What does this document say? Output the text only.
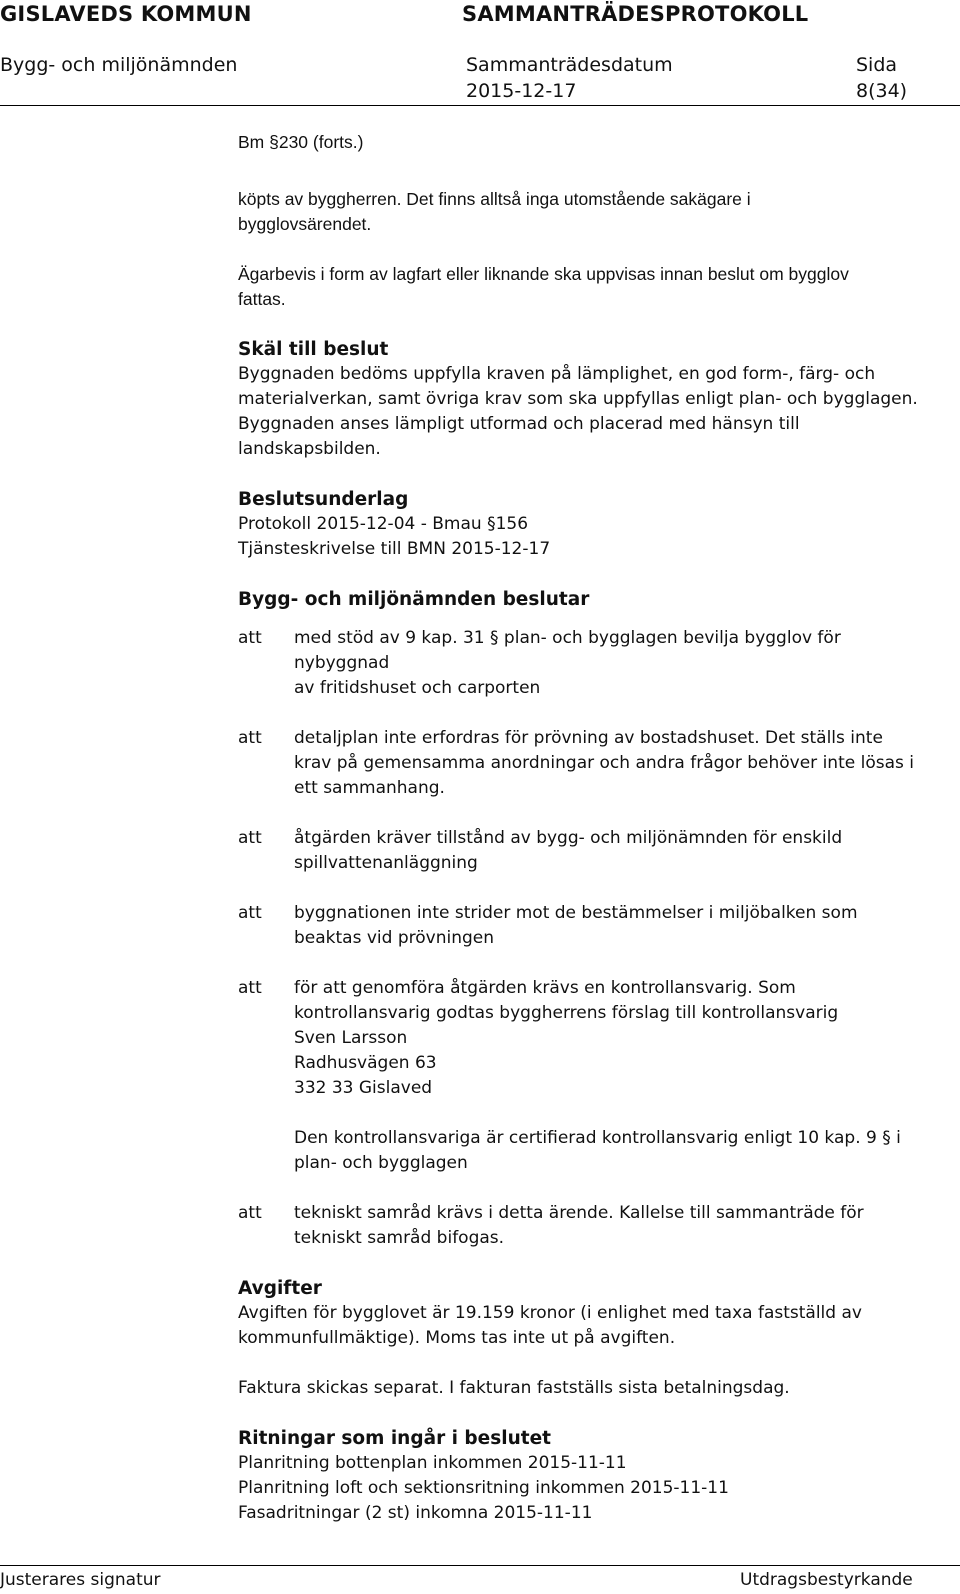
GISLAVEDS KOMMUN	SAMMANTRÄDESPROTOKOLL
Bygg- och miljönämnden	Sammanträdesdatum
2015-12-17
Sida
8(34)

Bm §230 (forts.)

köpts av byggherren. Det finns alltså inga utomstående sakägare i

bygglovsärendet.

Ägarbevis i form av lagfart eller liknande ska uppvisas innan beslut om bygglov

fattas.

Skäl till beslut

Byggnaden bedöms uppfylla kraven på lämplighet, en god form-, färg- och

materialverkan, samt övriga krav som ska uppfyllas enligt plan- och bygglagen.

Byggnaden anses lämpligt utformad och placerad med hänsyn till

landskapsbilden.

Beslutsunderlag

Protokoll 2015-12-04 - Bmau §156

Tjänsteskrivelse till BMN 2015-12-17

Bygg- och miljönämnden beslutar

att	med stöd av 9 kap. 31 § plan- och bygglagen bevilja bygglov för nybyggnad

av fritidshuset och carporten

att	detaljplan inte erfordras för prövning av bostadshuset. Det ställs inte

krav på gemensamma anordningar och andra frågor behöver inte lösas i

ett sammanhang.

att	åtgärden kräver tillstånd av bygg- och miljönämnden för enskild

spillvattenanläggning

att	byggnationen inte strider mot de bestämmelser i miljöbalken som

beaktas vid prövningen

att	för att genomföra åtgärden krävs en kontrollansvarig. Som

kontrollansvarig godtas byggherrens förslag till kontrollansvarig

Sven Larsson

Radhusvägen 63

332 33 Gislaved

Den kontrollansvariga är certifierad kontrollansvarig enligt 10 kap. 9 § i

plan- och bygglagen

att	tekniskt samråd krävs i detta ärende. Kallelse till sammanträde för

tekniskt samråd bifogas.

Avgifter

Avgiften för bygglovet är 19.159 kronor (i enlighet med taxa fastställd av

kommunfullmäktige). Moms tas inte ut på avgiften.

Faktura skickas separat. I fakturan fastställs sista betalningsdag.

Ritningar som ingår i beslutet

Planritning bottenplan inkommen 2015-11-11

Planritning loft och sektionsritning inkommen 2015-11-11

Fasadritningar (2 st) inkomna 2015-11-11

Justerares signatur	Utdragsbestyrkande
